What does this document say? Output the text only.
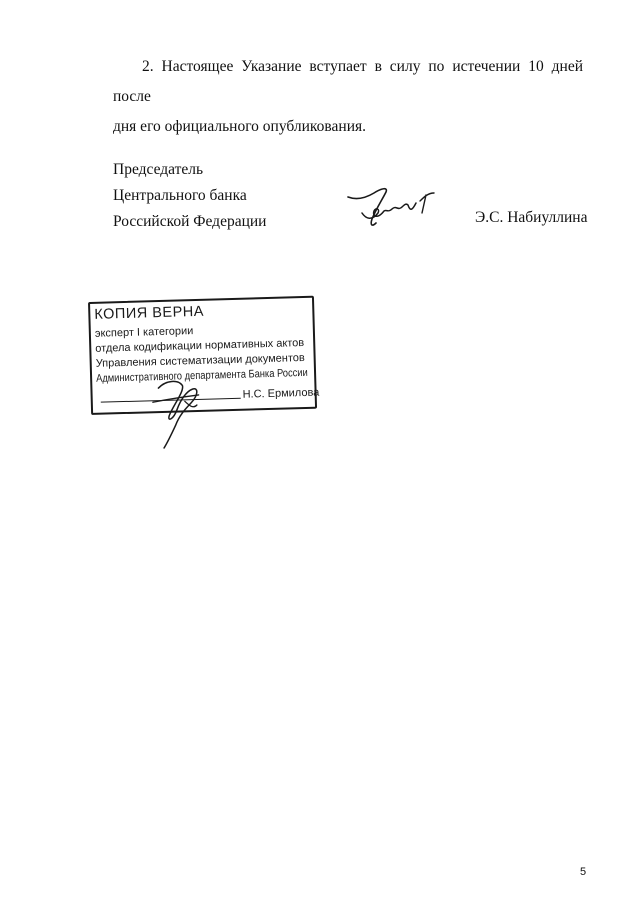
2. Настоящее Указание вступает в силу по истечении 10 дней после
дня его официального опубликования.
Председатель
Центрального банка
Российской Федерации	Э.С. Набиуллина
КОПИЯ ВЕРНА
эксперт I категории
отдела кодификации нормативных актов
Управления систематизации документов
Административного департамента Банка России
Н.С. Ермилова
5
